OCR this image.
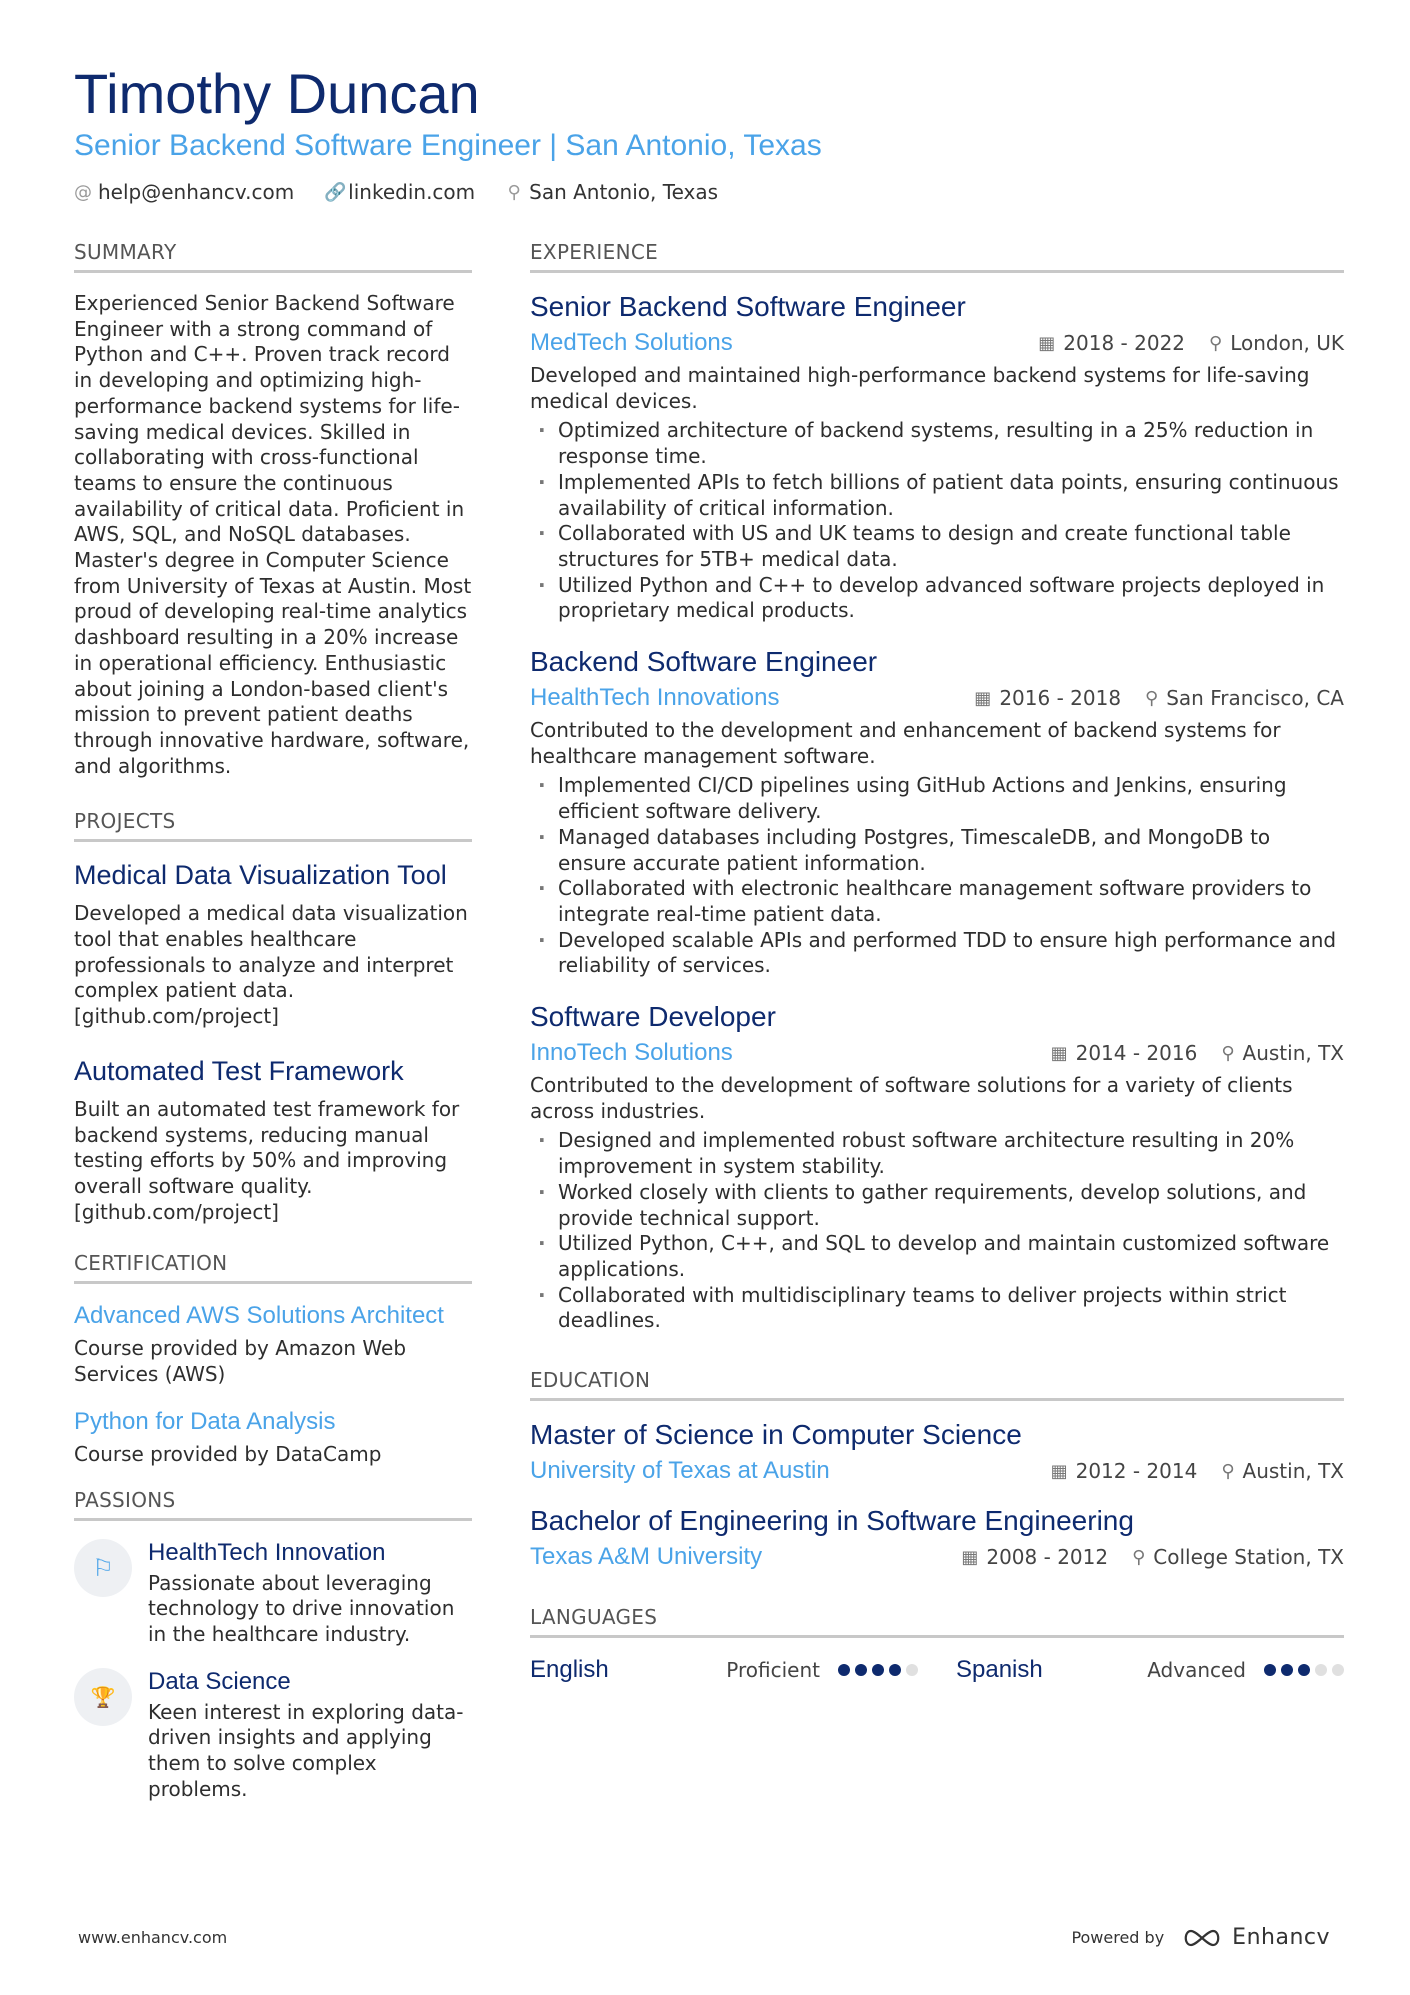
Timothy Duncan
Senior Backend Software Engineer | San Antonio, Texas
@ help@enhancv.com 🔗 linkedin.com ⚲ San Antonio, Texas
SUMMARY
Experienced Senior Backend Software Engineer with a strong command of Python and C++. Proven track record in developing and optimizing high-performance backend systems for life-saving medical devices. Skilled in collaborating with cross-functional teams to ensure the continuous availability of critical data. Proficient in AWS, SQL, and NoSQL databases. Master's degree in Computer Science from University of Texas at Austin. Most proud of developing real-time analytics dashboard resulting in a 20% increase in operational efficiency. Enthusiastic about joining a London-based client's mission to prevent patient deaths through innovative hardware, software, and algorithms.
PROJECTS
Medical Data Visualization Tool
Developed a medical data visualization tool that enables healthcare professionals to analyze and interpret complex patient data. [github.com/project]
Automated Test Framework
Built an automated test framework for backend systems, reducing manual testing efforts by 50% and improving overall software quality. [github.com/project]
CERTIFICATION
Advanced AWS Solutions Architect
Course provided by Amazon Web Services (AWS)
Python for Data Analysis
Course provided by DataCamp
PASSIONS
⚐
HealthTech Innovation
Passionate about leveraging technology to drive innovation in the healthcare industry.
🏆
Data Science
Keen interest in exploring data-driven insights and applying them to solve complex problems.
EXPERIENCE
Senior Backend Software Engineer
MedTech Solutions	▦ 2018 - 2022 ⚲ London, UK
Developed and maintained high-performance backend systems for life-saving medical devices.
· Optimized architecture of backend systems, resulting in a 25% reduction in response time.
· Implemented APIs to fetch billions of patient data points, ensuring continuous availability of critical information.
· Collaborated with US and UK teams to design and create functional table structures for 5TB+ medical data.
· Utilized Python and C++ to develop advanced software projects deployed in proprietary medical products.
Backend Software Engineer
HealthTech Innovations	▦ 2016 - 2018 ⚲ San Francisco, CA
Contributed to the development and enhancement of backend systems for healthcare management software.
· Implemented CI/CD pipelines using GitHub Actions and Jenkins, ensuring efficient software delivery.
· Managed databases including Postgres, TimescaleDB, and MongoDB to ensure accurate patient information.
· Collaborated with electronic healthcare management software providers to integrate real-time patient data.
· Developed scalable APIs and performed TDD to ensure high performance and reliability of services.
Software Developer
InnoTech Solutions	▦ 2014 - 2016 ⚲ Austin, TX
Contributed to the development of software solutions for a variety of clients across industries.
· Designed and implemented robust software architecture resulting in 20% improvement in system stability.
· Worked closely with clients to gather requirements, develop solutions, and provide technical support.
· Utilized Python, C++, and SQL to develop and maintain customized software applications.
· Collaborated with multidisciplinary teams to deliver projects within strict deadlines.
EDUCATION
Master of Science in Computer Science
University of Texas at Austin	▦ 2012 - 2014 ⚲ Austin, TX
Bachelor of Engineering in Software Engineering
Texas A&M University	▦ 2008 - 2012 ⚲ College Station, TX
LANGUAGES
English	Proficient	Spanish	Advanced
www.enhancv.com	Powered by	Enhancv
